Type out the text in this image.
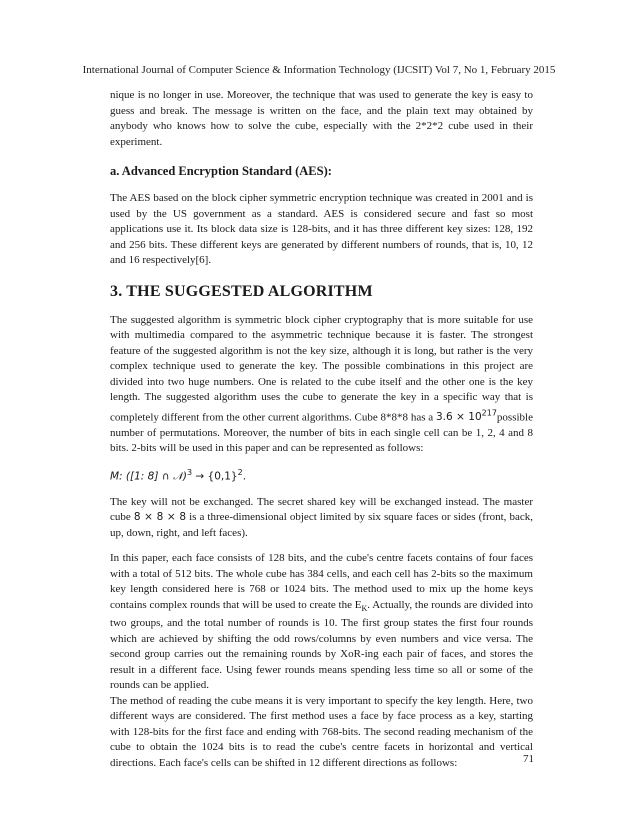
International Journal of Computer Science & Information Technology (IJCSIT) Vol 7, No 1, February 2015

nique is no longer in use. Moreover, the technique that was used to generate the key is easy to guess and break. The message is written on the face, and the plain text may obtained by anybody who knows how to solve the cube, especially with the 2*2*2 cube used in their experiment.

a. Advanced Encryption Standard (AES):

The AES based on the block cipher symmetric encryption technique was created in 2001 and is used by the US government as a standard. AES is considered secure and fast so most applications use it. Its block data size is 128-bits, and it has three different key sizes: 128, 192 and 256 bits. These different keys are generated by different numbers of rounds, that is, 10, 12 and 16 respectively[6].

3. THE SUGGESTED ALGORITHM

The suggested algorithm is symmetric block cipher cryptography that is more suitable for use with multimedia compared to the asymmetric technique because it is faster. The strongest feature of the suggested algorithm is not the key size, although it is long, but rather is the very complex technique used to generate the key. The possible combinations in this project are divided into two huge numbers. One is related to the cube itself and the other one is the key length. The suggested algorithm uses the cube to generate the key in a specific way that is completely different from the other current algorithms. Cube 8*8*8 has a $3.6 \times 10^{217}possible$ number of permutations. Moreover, the number of bits in each single cell can be 1, 2, 4 and 8 bits. 2-bits will be used in this paper and can be represented as follows:

M: ([1: 8] ∩ 𝒩)$^3$ → $\{0,1\}^2$.

The key will not be exchanged. The secret shared key will be exchanged instead. The master cube 8 × 8 × 8 is a three-dimensional object limited by six square faces or sides (front, back, up, down, right, and left faces).

In this paper, each face consists of 128 bits, and the cube's centre facets contains of four faces with a total of 512 bits. The whole cube has 384 cells, and each cell has 2-bits so the maximum key length considered here is 768 or 1024 bits. The method used to mix up the home keys contains complex rounds that will be used to create the $E_K$. Actually, the rounds are divided into two groups, and the total number of rounds is 10. The first group states the first four rounds which are achieved by shifting the odd rows/columns by even numbers and vice versa. The second group carries out the remaining rounds by XoR-ing each pair of faces, and stores the result in a different face. Using fewer rounds means spending less time so all or some of the rounds can be applied.

The method of reading the cube means it is very important to specify the key length. Here, two different ways are considered. The first method uses a face by face process as a key, starting with 128-bits for the first face and ending with 768-bits. The second reading mechanism of the cube to obtain the 1024 bits is to read the cube's centre facets in horizontal and vertical directions. Each face's cells can be shifted in 12 different directions as follows:	71
